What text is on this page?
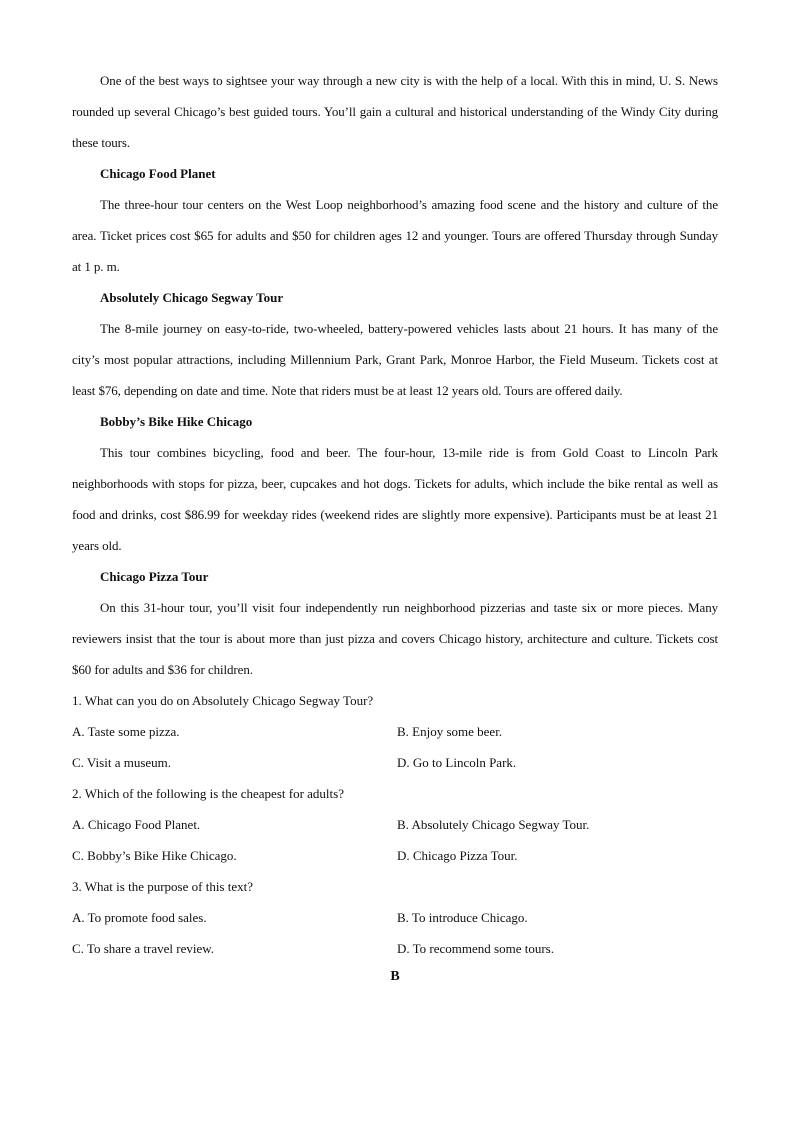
One of the best ways to sightsee your way through a new city is with the help of a local. With this in mind, U. S. News rounded up several Chicago’s best guided tours. You’ll gain a cultural and historical understanding of the Windy City during these tours.

Chicago Food Planet

The three-hour tour centers on the West Loop neighborhood’s amazing food scene and the history and culture of the area. Ticket prices cost $65 for adults and $50 for children ages 12 and younger. Tours are offered Thursday through Sunday at 1 p. m.

Absolutely Chicago Segway Tour

The 8-mile journey on easy-to-ride, two-wheeled, battery-powered vehicles lasts about 21 hours. It has many of the city’s most popular attractions, including Millennium Park, Grant Park, Monroe Harbor, the Field Museum. Tickets cost at least $76, depending on date and time. Note that riders must be at least 12 years old. Tours are offered daily.

Bobby’s Bike Hike Chicago

This tour combines bicycling, food and beer. The four-hour, 13-mile ride is from Gold Coast to Lincoln Park neighborhoods with stops for pizza, beer, cupcakes and hot dogs. Tickets for adults, which include the bike rental as well as food and drinks, cost $86.99 for weekday rides (weekend rides are slightly more expensive). Participants must be at least 21 years old.

Chicago Pizza Tour

On this 31-hour tour, you’ll visit four independently run neighborhood pizzerias and taste six or more pieces. Many reviewers insist that the tour is about more than just pizza and covers Chicago history, architecture and culture. Tickets cost $60 for adults and $36 for children.

1. What can you do on Absolutely Chicago Segway Tour?

A. Taste some pizza.	B. Enjoy some beer.
C. Visit a museum.	D. Go to Lincoln Park.

2. Which of the following is the cheapest for adults?

A. Chicago Food Planet.	B. Absolutely Chicago Segway Tour.
C. Bobby’s Bike Hike Chicago.	D. Chicago Pizza Tour.

3. What is the purpose of this text?

A. To promote food sales.	B. To introduce Chicago.
C. To share a travel review.	D. To recommend some tours.
B
